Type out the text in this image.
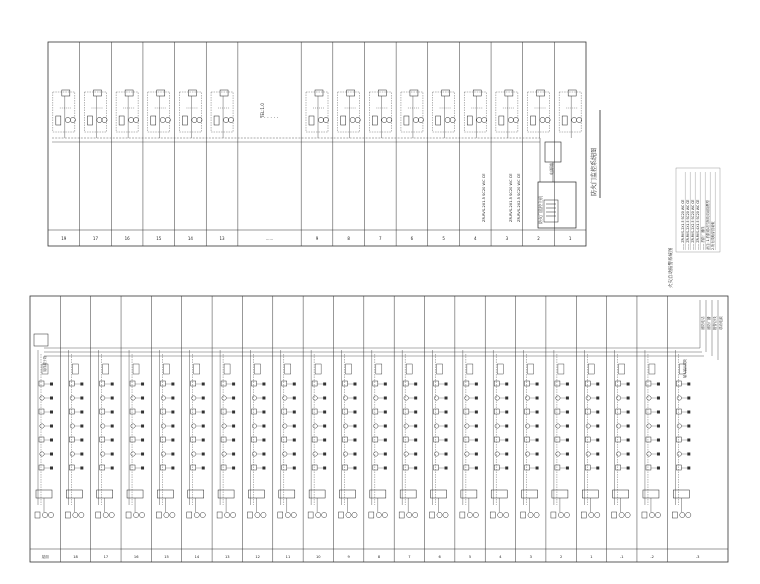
19	17	16	15	14	13	......	9	8	7	6	5	4	3	2	1
. . . . . .
防火门监控主机
电源箱
ZR-RVS-2X1.5 SC20 WC CE	ZR-RVS-2X1.5 SC20 WC CE ZR-RVS-2X2.5 SC20 WC CE
防火门监控系统图
TEL:1.0
火灾自动报警系统图
—— ZR-RVS-2X1.5 SC20 WC CE —— ZR-RVS-2X1.5 SC20 WC CE —— ZR-RVS-2X2.5 SC20 WC CE —— ZR-RVS-4X1.5 SC20 WC CE —— 消防广播线 备注: 1.消防联动控制线采用阻燃型 2.所有线路穿管暗敷
屋面	18	17	16	15	14	13	12	11	10	9	8	7	6	5	4	3	2	1	-1	-2	-3
消防电话 消防广播 报警总线 联动电源
接线端子箱	输入输出模块
